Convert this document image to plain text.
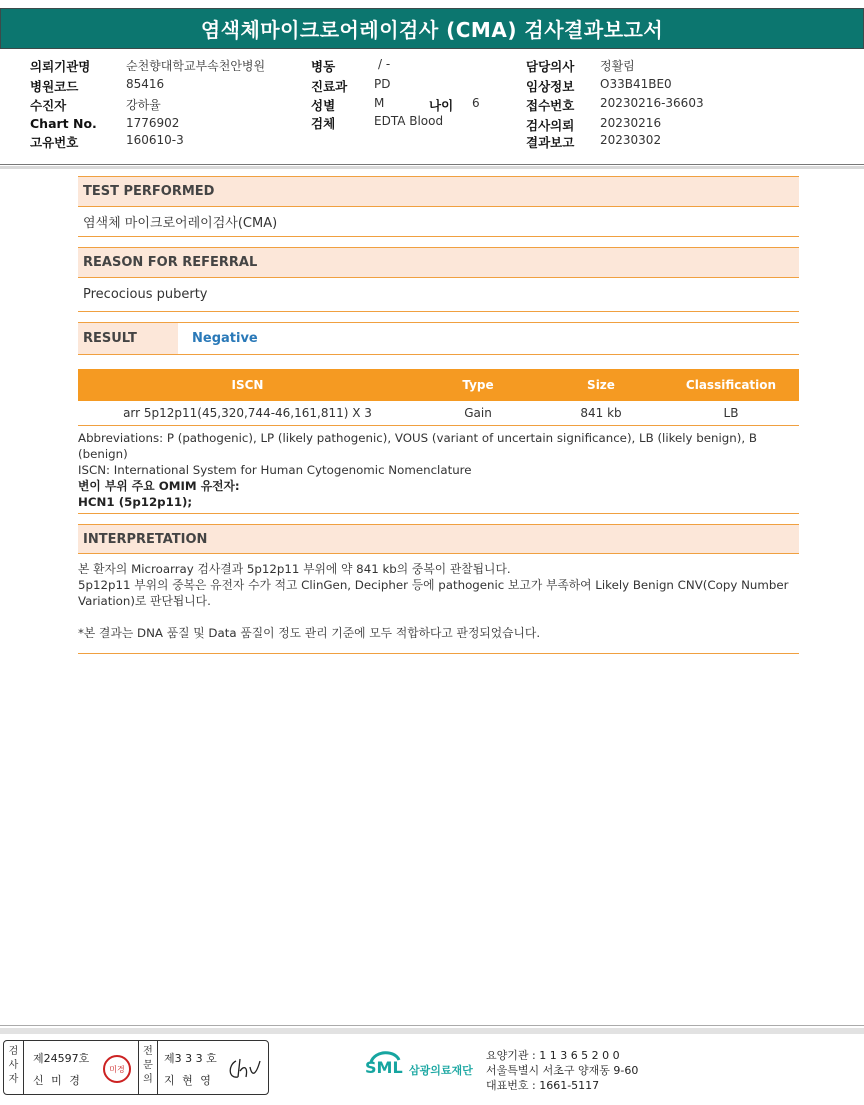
염색체마이크로어레이검사 (CMA) 검사결과보고서
의뢰기관명	순천향대학교부속천안병원
병원코드	85416
수진자	강하율
Chart No. 1776902
고유번호	160610-3
병동	/ -
진료과 PD
성별	M	나이 6
검체	EDTA Blood
담당의사 정활림
임상정보 O33B41BE0
접수번호 20230216-36603
검사의뢰 20230216
결과보고 20230302
TEST PERFORMED
염색체 마이크로어레이검사(CMA)
REASON FOR REFERRAL
Precocious puberty
RESULT	Negative
ISCN	Type	Size	Classification
arr 5p12p11(45,320,744-46,161,811) X 3	Gain	841 kb	LB
Abbreviations: P (pathogenic), LP (likely pathogenic), VOUS (variant of uncertain significance), LB (likely benign), B (benign)
ISCN: International System for Human Cytogenomic Nomenclature
변이 부위 주요 OMIM 유전자:
HCN1 (5p12p11);
INTERPRETATION

본 환자의 Microarray 검사결과 5p12p11 부위에 약 841 kb의 중복이 관찰됩니다.

5p12p11 부위의 중복은 유전자 수가 적고 ClinGen, Decipher 등에 pathogenic 보고가 부족하여 Likely Benign CNV(Copy Number

Variation)로 판단됩니다.

*본 결과는 DNA 품질 및 Data 품질이 정도 관리 기준에 모두 적합하다고 판정되었습니다.

검사자
제24597호
신 미 경
미경
전문의
제3 3 3 호
지 현 영
SML 삼광의료재단
요양기관 : 1 1 3 6 5 2 0 0
서울특별시 서초구 양재동 9-60
대표번호 : 1661-5117
